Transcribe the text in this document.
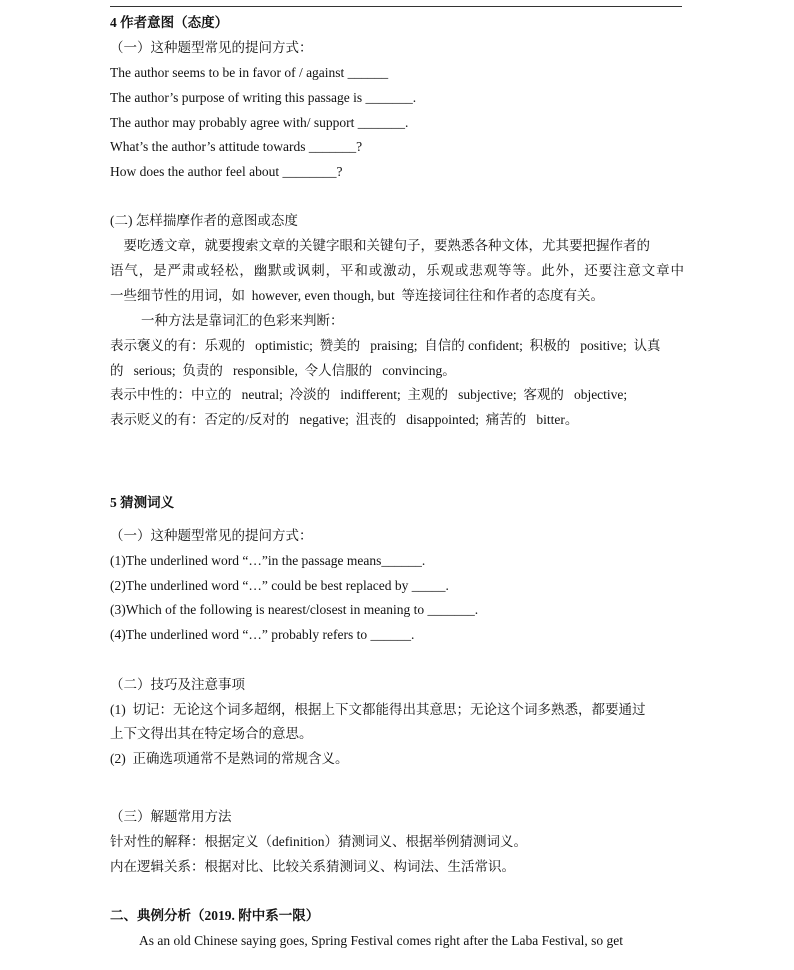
4 作者意图（态度）
（一）这种题型常见的提问方式：
The author seems to be in favor of / against ______
The author’s purpose of writing this passage is _______.
The author may probably agree with/ support _______.
What’s the author’s attitude towards _______?
How does the author feel about ________?
(二) 怎样揣摩作者的意图或态度
要吃透文章，就要搜索文章的关键字眼和关键句子，要熟悉各种文体，尤其要把握作者的
语气，是严肃或轻松，幽默或讽刺，平和或激动，乐观或悲观等等。此外，还要注意文章中
一些细节性的用词，如  however, even though, but  等连接词往往和作者的态度有关。
一种方法是靠词汇的色彩来判断：
表示褒义的有：乐观的   optimistic;  赞美的   praising;  自信的 confident;  积极的   positive;  认真
的   serious;  负责的   responsible,  令人信服的   convincing。
表示中性的：中立的   neutral;  冷淡的   indifferent;  主观的   subjective;  客观的   objective;
表示贬义的有：否定的/反对的   negative;  沮丧的   disappointed;  痛苦的   bitter。
5 猜测词义
（一）这种题型常见的提问方式：
(1)The underlined word “…”in the passage means______.
(2)The underlined word “…” could be best replaced by _____.
(3)Which of the following is nearest/closest in meaning to _______.
(4)The underlined word “…” probably refers to ______.
（二）技巧及注意事项
(1)  切记：无论这个词多超纲，根据上下文都能得出其意思；无论这个词多熟悉，都要通过
上下文得出其在特定场合的意思。
(2)  正确选项通常不是熟词的常规含义。
（三）解题常用方法
针对性的解释：根据定义（definition）猜测词义、根据举例猜测词义。
内在逻辑关系：根据对比、比较关系猜测词义、构词法、生活常识。
二、典例分析（2019. 附中系一限）
As an old Chinese saying goes, Spring Festival comes right after the Laba Festival, so get
